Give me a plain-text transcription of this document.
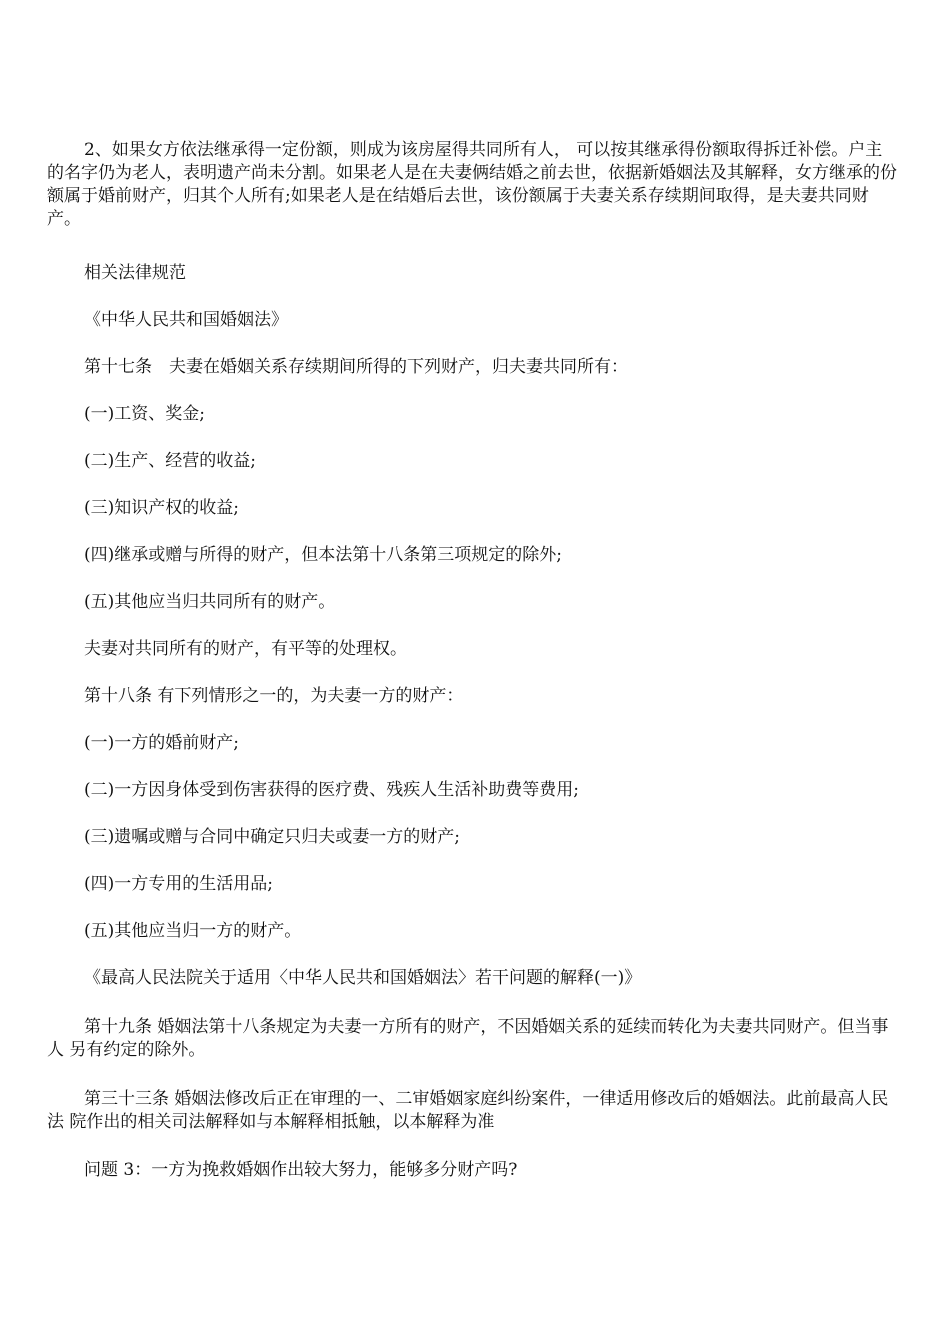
2、如果女方依法继承得一定份额，则成为该房屋得共同所有人， 可以按其继承得份额取得拆迁补偿。户主的名字仍为老人，表明遗产尚未分割。如果老人是在夫妻俩结婚之前去世，依据新婚姻法及其解释，女方继承的份额属于婚前财产，归其个人所有;如果老人是在结婚后去世，该份额属于夫妻关系存续期间取得，是夫妻共同财产。

相关法律规范

《中华人民共和国婚姻法》

第十七条　夫妻在婚姻关系存续期间所得的下列财产，归夫妻共同所有：

(一)工资、奖金;

(二)生产、经营的收益;

(三)知识产权的收益;

(四)继承或赠与所得的财产，但本法第十八条第三项规定的除外;

(五)其他应当归共同所有的财产。

夫妻对共同所有的财产，有平等的处理权。

第十八条 有下列情形之一的，为夫妻一方的财产：

(一)一方的婚前财产;

(二)一方因身体受到伤害获得的医疗费、残疾人生活补助费等费用;

(三)遗嘱或赠与合同中确定只归夫或妻一方的财产;

(四)一方专用的生活用品;

(五)其他应当归一方的财产。

《最高人民法院关于适用〈中华人民共和国婚姻法〉若干问题的解释(一)》

第十九条 婚姻法第十八条规定为夫妻一方所有的财产，不因婚姻关系的延续而转化为夫妻共同财产。但当事人 另有约定的除外。

第三十三条 婚姻法修改后正在审理的一、二审婚姻家庭纠纷案件，一律适用修改后的婚姻法。此前最高人民法 院作出的相关司法解释如与本解释相抵触，以本解释为准

问题 3：一方为挽救婚姻作出较大努力，能够多分财产吗?
